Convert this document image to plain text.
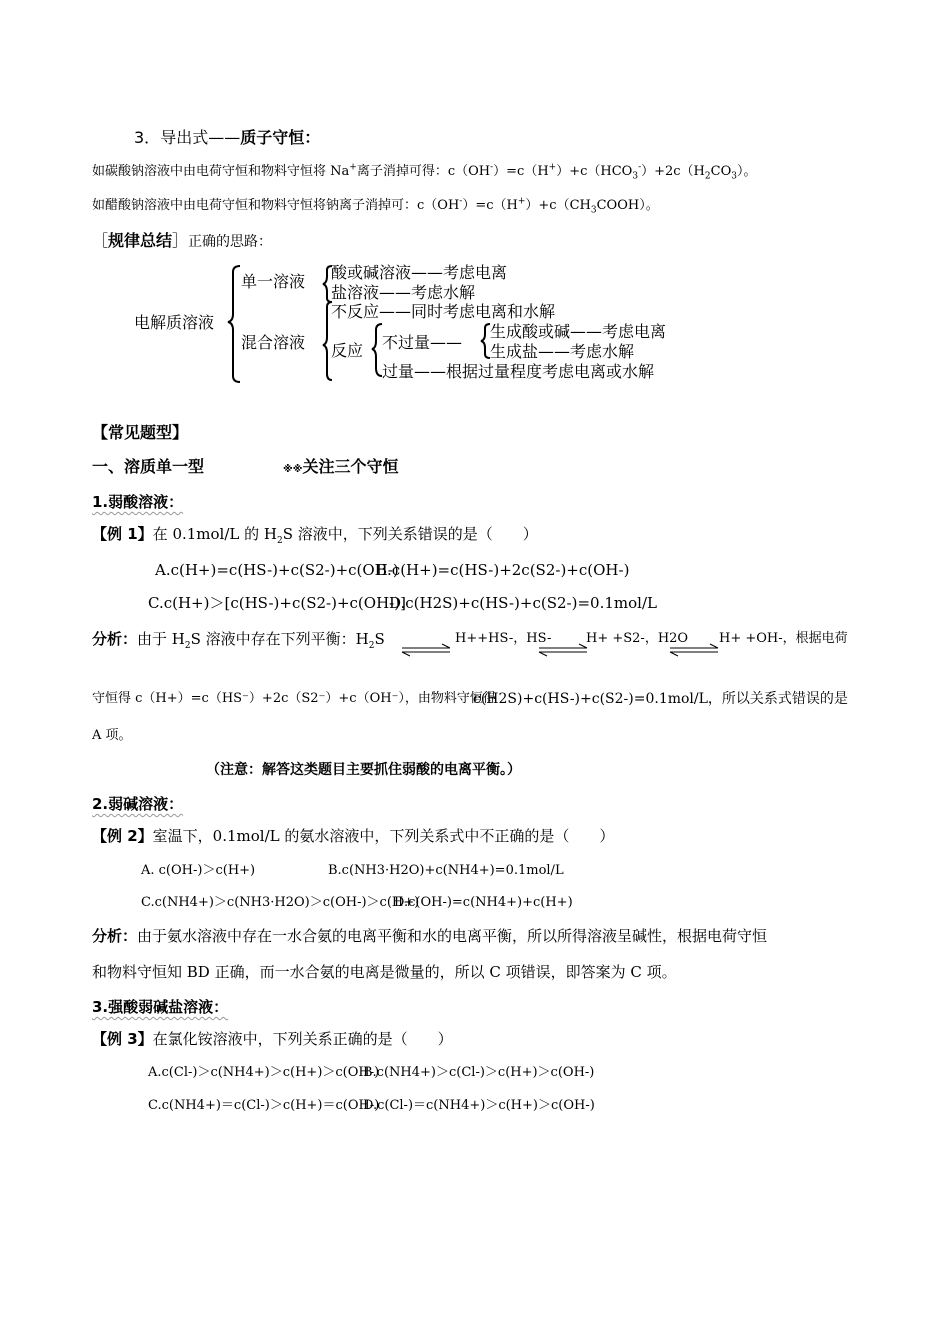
3．导出式——质子守恒：
如碳酸钠溶液中由电荷守恒和物料守恒将 Na+离子消掉可得：$c(OH^-)=c(H^+)+c(HCO_3^-)+2c(H_2CO_3)$。
如醋酸钠溶液中由电荷守恒和物料守恒将钠离子消掉可：$c(OH^-)=c(H^+)+c(CH_3COOH)$。
［规律总结］正确的思路：
电解质溶液
单一溶液 酸或碱溶液——考虑电离
盐溶液——考虑水解
混合溶液
不反应——同时考虑电离和水解
反应 不过量——
生成酸或碱——考虑电离
生成盐——考虑水解
过量——根据过量程度考虑电离或水解
【常见题型】
一、溶质单一型	※※关注三个守恒
1.弱酸溶液：
【例 1】在 0.1mol/L 的 $H_2S$ 溶液中，下列关系错误的是（　　）
A.c(H+)=c(HS-)+c(S2-)+c(OH-)
B.c(H+)=c(HS-)+2c(S2-)+c(OH-)
C.c(H+)＞[c(HS-)+c(S2-)+c(OH-)]
D.c(H2S)+c(HS-)+c(S2-)=0.1mol/L
分析：由于 $H_2S$ 溶液中存在下列平衡：$H_2S$ ⇌ H++HS-，HS-	H+ +S2-，H2O ⇌ H+ +OH-，根据电荷
守恒得 c（H+）=c（HS⁻）+2c（S2⁻）+c（OH⁻），由物料守恒得
c(H2S)+c(HS-)+c(S2-)=0.1mol/L，所以关系式错误的是
A 项。
（注意：解答这类题目主要抓住弱酸的电离平衡。）
2.弱碱溶液：
【例 2】室温下，0.1mol/L 的氨水溶液中，下列关系式中不正确的是（　　）
A. c(OH-)＞c(H+)	B.c(NH3·H2O)+c(NH4+)=0.1mol/L
C.c(NH4+)＞c(NH3·H2O)＞c(OH-)＞c(H+)
D.c(OH-)=c(NH4+)+c(H+)
分析：由于氨水溶液中存在一水合氨的电离平衡和水的电离平衡，所以所得溶液呈碱性，根据电荷守恒
和物料守恒知 BD 正确，而一水合氨的电离是微量的，所以 C 项错误，即答案为 C 项。
3.强酸弱碱盐溶液：
【例 3】在氯化铵溶液中，下列关系正确的是（　　）
A.c(Cl-)＞c(NH4+)＞c(H+)＞c(OH-)
B.c(NH4+)＞c(Cl-)＞c(H+)＞c(OH-)
C.c(NH4+)＝c(Cl-)＞c(H+)＝c(OH-)
D.c(Cl-)＝c(NH4+)＞c(H+)＞c(OH-)
